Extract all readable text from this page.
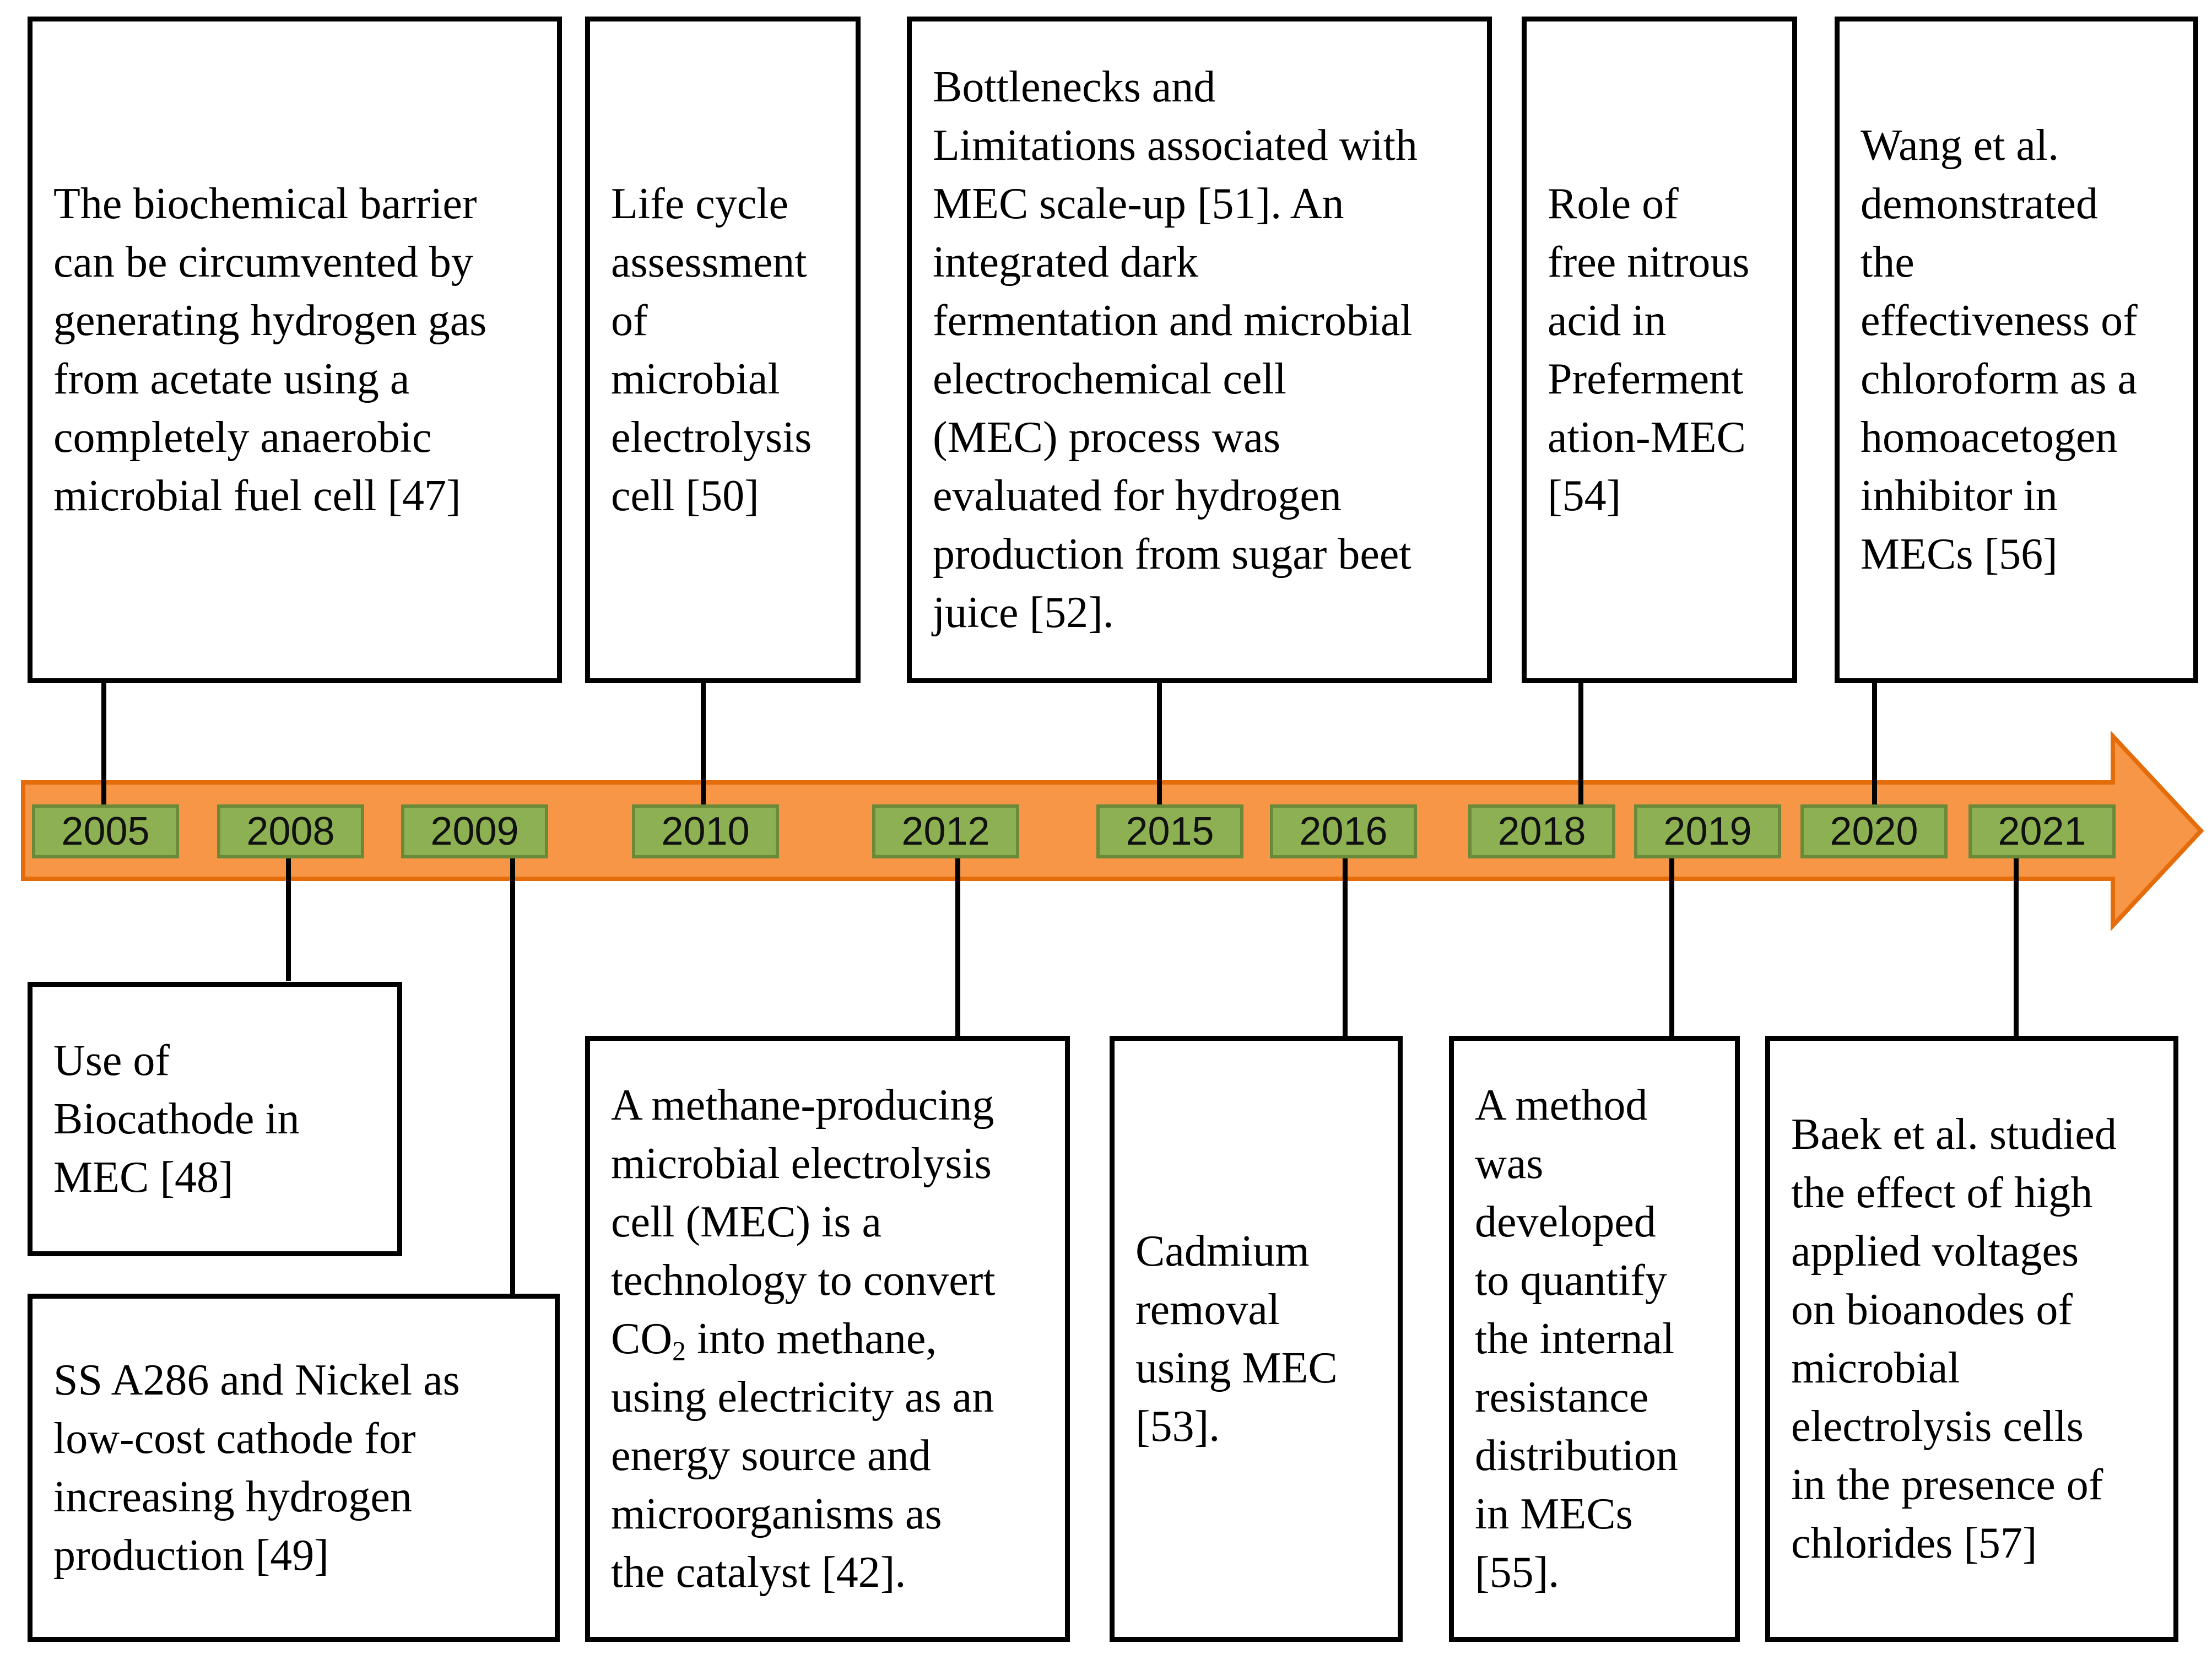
2005	2008	2009	2010	2012	2015	2016	2018	2019	2020	2021
The biochemical barrier
can be circumvented by
generating hydrogen gas
from acetate using a
completely anaerobic
microbial fuel cell [47]
Life cycle
assessment
of
microbial
electrolysis
cell [50]
Bottlenecks and
Limitations associated with
MEC scale-up [51]. An
integrated dark
fermentation and microbial
electrochemical cell
(MEC) process was
evaluated for hydrogen
production from sugar beet
juice [52].
Role of
free nitrous
acid in
Preferment
ation-MEC
[54]
Wang et al.
demonstrated
the
effectiveness of
chloroform as a
homoacetogen
inhibitor in
MECs [56]
Use of
Biocathode in
MEC [48]
SS A286 and Nickel as
low-cost cathode for
increasing hydrogen
production [49]
A methane-producing
microbial electrolysis
cell (MEC) is a
technology to convert
$CO_2$ into methane,
using electricity as an
energy source and
microorganisms as
the catalyst [42].
Cadmium
removal
using MEC
[53].
A method
was
developed
to quantify
the internal
resistance
distribution
in MECs
[55].
Baek et al. studied
the effect of high
applied voltages
on bioanodes of
microbial
electrolysis cells
in the presence of
chlorides [57]
